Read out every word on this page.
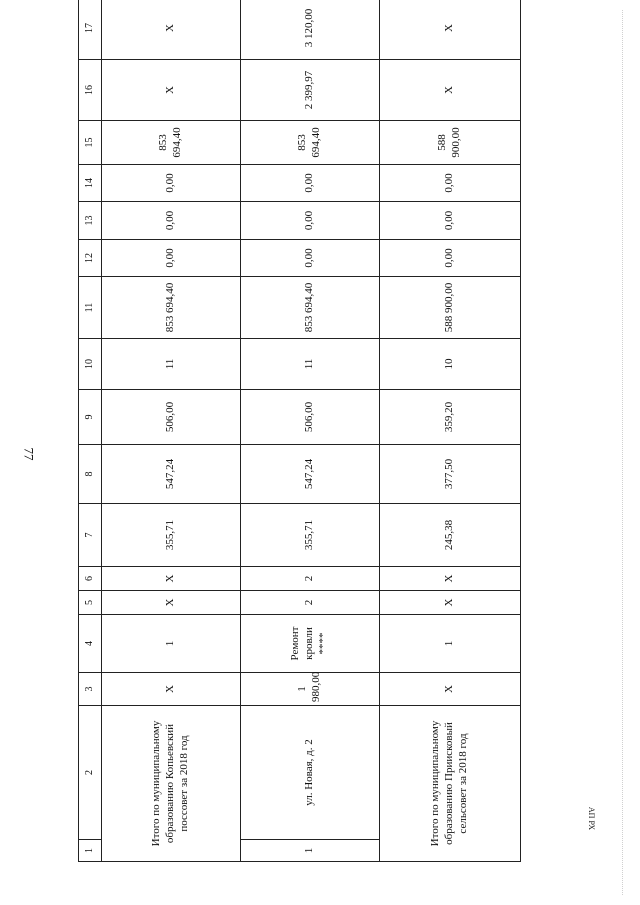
77
1	2	3	4	5	6	7	8	9	10	11	12	13	14	15	16	17	
Итого по муниципальному образованию Копьевский поссовет за 2018 год		X	1	X	X	355,71	547,24	506,00	11	853 694,40	0,00	0,00	0,00	853 694,40	X	X	
1	ул. Новая, д. 2	1 980,00	Ремонт кровли ****	2	2	355,71	547,24	506,00	11	853 694,40	0,00	0,00	0,00	853 694,40	2 399,97	3 120,00	
Итого по муниципальному образованию Приисковый сельсовет за 2018 год		X	1	X	X	245,38	377,50	359,20	10	588 900,00	0,00	0,00	0,00	588 900,00	X	X	
АП РХ
